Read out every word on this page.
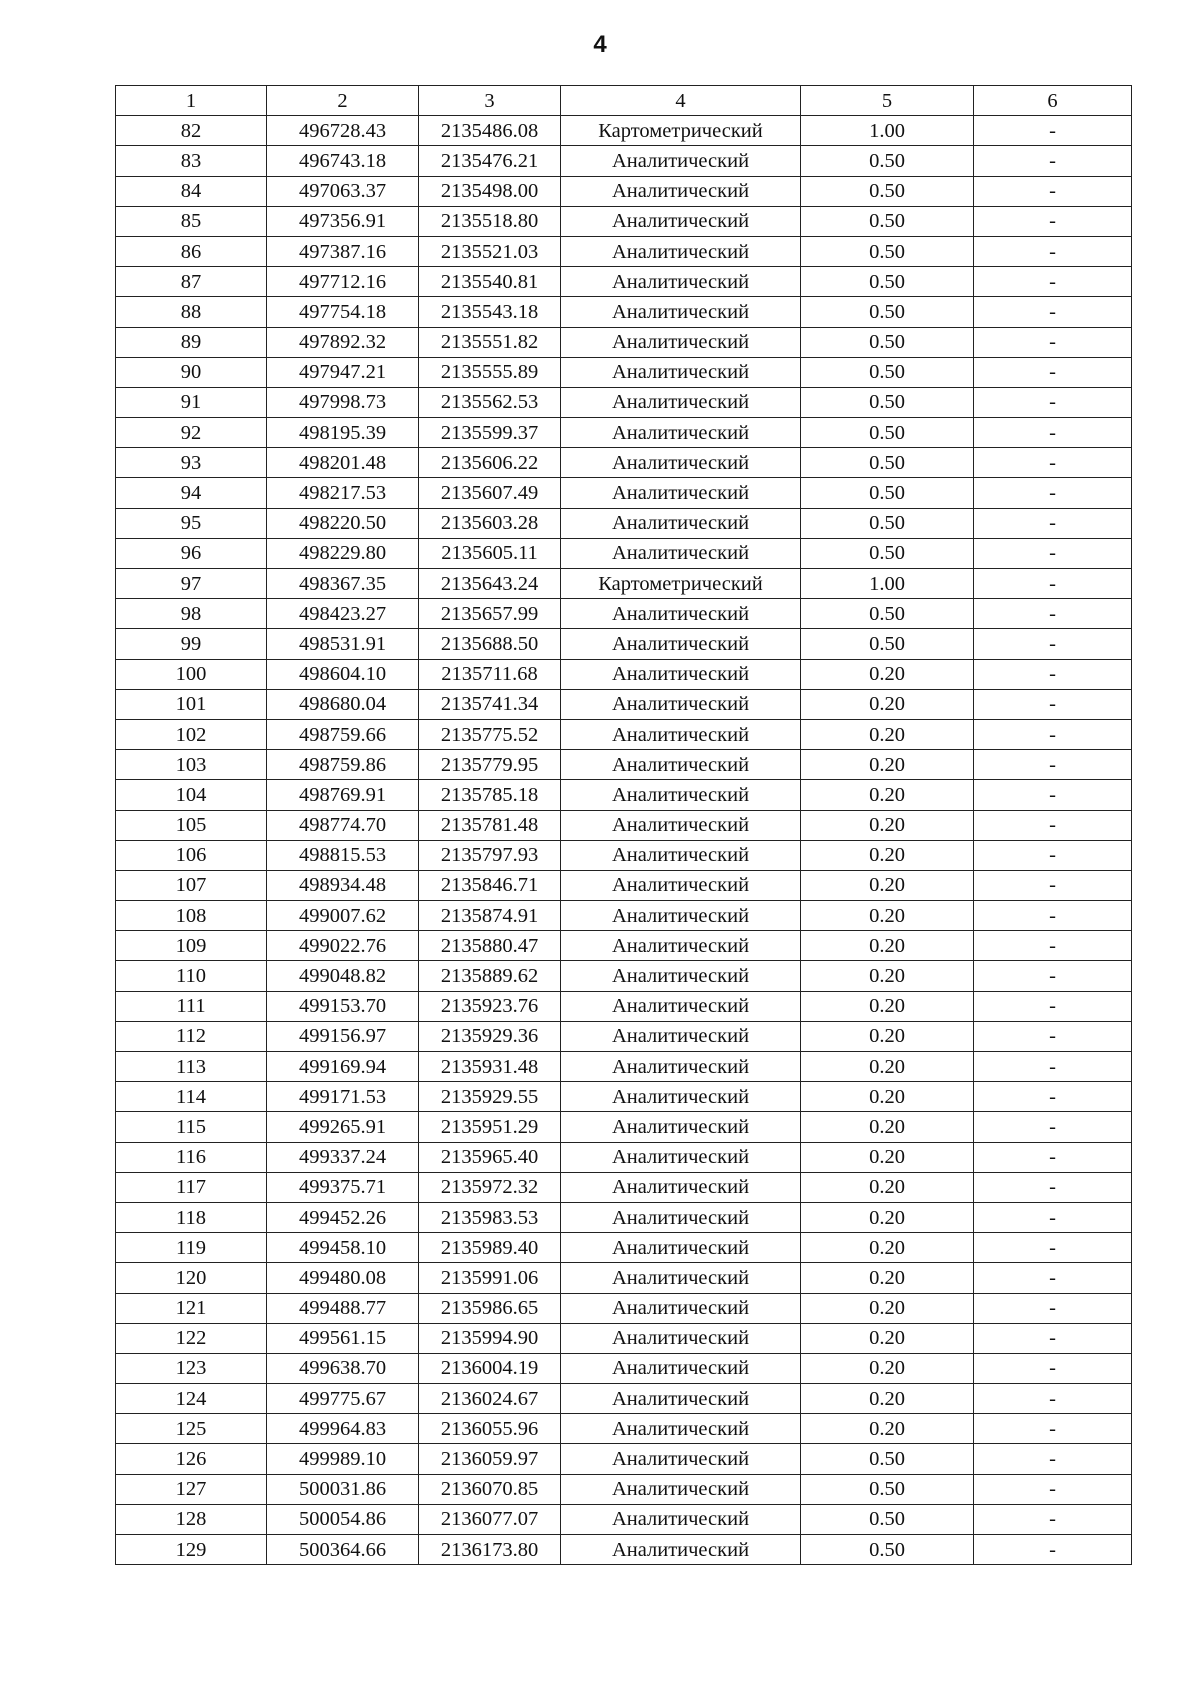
4
1	2	3	4	5	6
82	496728.43	2135486.08	Картометрический	1.00	-
83	496743.18	2135476.21	Аналитический	0.50	-
84	497063.37	2135498.00	Аналитический	0.50	-
85	497356.91	2135518.80	Аналитический	0.50	-
86	497387.16	2135521.03	Аналитический	0.50	-
87	497712.16	2135540.81	Аналитический	0.50	-
88	497754.18	2135543.18	Аналитический	0.50	-
89	497892.32	2135551.82	Аналитический	0.50	-
90	497947.21	2135555.89	Аналитический	0.50	-
91	497998.73	2135562.53	Аналитический	0.50	-
92	498195.39	2135599.37	Аналитический	0.50	-
93	498201.48	2135606.22	Аналитический	0.50	-
94	498217.53	2135607.49	Аналитический	0.50	-
95	498220.50	2135603.28	Аналитический	0.50	-
96	498229.80	2135605.11	Аналитический	0.50	-
97	498367.35	2135643.24	Картометрический	1.00	-
98	498423.27	2135657.99	Аналитический	0.50	-
99	498531.91	2135688.50	Аналитический	0.50	-
100	498604.10	2135711.68	Аналитический	0.20	-
101	498680.04	2135741.34	Аналитический	0.20	-
102	498759.66	2135775.52	Аналитический	0.20	-
103	498759.86	2135779.95	Аналитический	0.20	-
104	498769.91	2135785.18	Аналитический	0.20	-
105	498774.70	2135781.48	Аналитический	0.20	-
106	498815.53	2135797.93	Аналитический	0.20	-
107	498934.48	2135846.71	Аналитический	0.20	-
108	499007.62	2135874.91	Аналитический	0.20	-
109	499022.76	2135880.47	Аналитический	0.20	-
110	499048.82	2135889.62	Аналитический	0.20	-
111	499153.70	2135923.76	Аналитический	0.20	-
112	499156.97	2135929.36	Аналитический	0.20	-
113	499169.94	2135931.48	Аналитический	0.20	-
114	499171.53	2135929.55	Аналитический	0.20	-
115	499265.91	2135951.29	Аналитический	0.20	-
116	499337.24	2135965.40	Аналитический	0.20	-
117	499375.71	2135972.32	Аналитический	0.20	-
118	499452.26	2135983.53	Аналитический	0.20	-
119	499458.10	2135989.40	Аналитический	0.20	-
120	499480.08	2135991.06	Аналитический	0.20	-
121	499488.77	2135986.65	Аналитический	0.20	-
122	499561.15	2135994.90	Аналитический	0.20	-
123	499638.70	2136004.19	Аналитический	0.20	-
124	499775.67	2136024.67	Аналитический	0.20	-
125	499964.83	2136055.96	Аналитический	0.20	-
126	499989.10	2136059.97	Аналитический	0.50	-
127	500031.86	2136070.85	Аналитический	0.50	-
128	500054.86	2136077.07	Аналитический	0.50	-
129	500364.66	2136173.80	Аналитический	0.50	-
